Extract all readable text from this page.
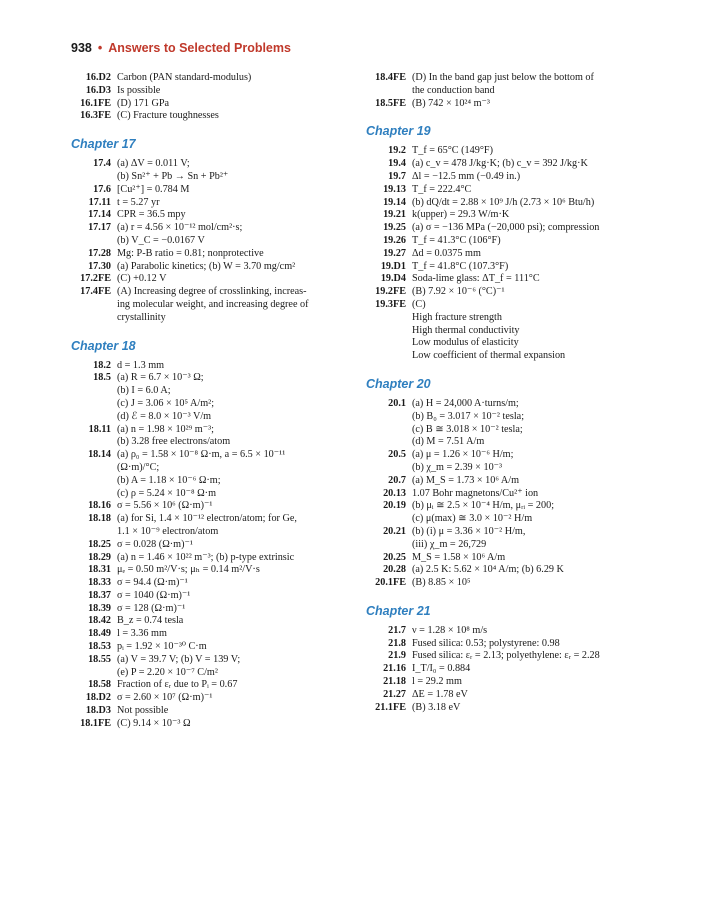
938 • Answers to Selected Problems
16.D2 Carbon (PAN standard-modulus)
16.D3 Is possible
16.1FE (D) 171 GPa
16.3FE (C) Fracture toughnesses
Chapter 17
17.4 (a) ΔV = 0.011 V;
(b) Sn²⁺ + Pb → Sn + Pb²⁺
17.6 [Cu²⁺] = 0.784 M
17.11 t = 5.27 yr
17.14 CPR = 36.5 mpy
17.17 (a) r = 4.56 × 10⁻¹² mol/cm²·s;
(b) V_C = −0.0167 V
17.28 Mg: P-B ratio = 0.81; nonprotective
17.30 (a) Parabolic kinetics; (b) W = 3.70 mg/cm²
17.2FE (C) +0.12 V
17.4FE (A) Increasing degree of crosslinking, increas-
ing molecular weight, and increasing degree of
crystallinity
Chapter 18
18.2 d = 1.3 mm
18.5 (a) R = 6.7 × 10⁻³ Ω;
(b) I = 6.0 A;
(c) J = 3.06 × 10⁵ A/m²;
(d) ℰ = 8.0 × 10⁻³ V/m
18.11 (a) n = 1.98 × 10²⁹ m⁻³;
(b) 3.28 free electrons/atom
18.14 (a) ρ₀ = 1.58 × 10⁻⁸ Ω·m, a = 6.5 × 10⁻¹¹
(Ω·m)/°C;
(b) A = 1.18 × 10⁻⁶ Ω·m;
(c) ρ = 5.24 × 10⁻⁸ Ω·m
18.16 σ = 5.56 × 10⁶ (Ω·m)⁻¹
18.18 (a) for Si, 1.4 × 10⁻¹² electron/atom; for Ge,
1.1 × 10⁻⁹ electron/atom
18.25 σ = 0.028 (Ω·m)⁻¹
18.29 (a) n = 1.46 × 10²² m⁻³; (b) p-type extrinsic
18.31 μₑ = 0.50 m²/V·s; μₕ = 0.14 m²/V·s
18.33 σ = 94.4 (Ω·m)⁻¹
18.37 σ = 1040 (Ω·m)⁻¹
18.39 σ = 128 (Ω·m)⁻¹
18.42 B_z = 0.74 tesla
18.49 l = 3.36 mm
18.53 pᵢ = 1.92 × 10⁻³⁰ C·m
18.55 (a) V = 39.7 V; (b) V = 139 V;
(e) P = 2.20 × 10⁻⁷ C/m²
18.58 Fraction of εᵣ due to Pᵢ = 0.67
18.D2 σ = 2.60 × 10⁷ (Ω·m)⁻¹
18.D3 Not possible
18.1FE (C) 9.14 × 10⁻³ Ω
18.4FE (D) In the band gap just below the bottom of
the conduction band
18.5FE (B) 742 × 10²⁴ m⁻³
Chapter 19
19.2 T_f = 65°C (149°F)
19.4 (a) c_v = 478 J/kg·K; (b) c_v = 392 J/kg·K
19.7 Δl = −12.5 mm (−0.49 in.)
19.13 T_f = 222.4°C
19.14 (b) dQ/dt = 2.88 × 10⁹ J/h (2.73 × 10⁶ Btu/h)
19.21 k(upper) = 29.3 W/m·K
19.25 (a) σ = −136 MPa (−20,000 psi); compression
19.26 T_f = 41.3°C (106°F)
19.27 Δd = 0.0375 mm
19.D1 T_f = 41.8°C (107.3°F)
19.D4 Soda-lime glass: ΔT_f = 111°C
19.2FE (B) 7.92 × 10⁻⁶ (°C)⁻¹
19.3FE (C)
High fracture strength
High thermal conductivity
Low modulus of elasticity
Low coefficient of thermal expansion
Chapter 20
20.1 (a) H = 24,000 A·turns/m;
(b) B₀ = 3.017 × 10⁻² tesla;
(c) B ≅ 3.018 × 10⁻² tesla;
(d) M = 7.51 A/m
20.5 (a) μ = 1.26 × 10⁻⁶ H/m;
(b) χ_m = 2.39 × 10⁻³
20.7 (a) M_S = 1.73 × 10⁶ A/m
20.13 1.07 Bohr magnetons/Cu²⁺ ion
20.19 (b) μᵢ ≅ 2.5 × 10⁻⁴ H/m, μᵣᵢ = 200;
(c) μ(max) ≅ 3.0 × 10⁻² H/m
20.21 (b) (i) μ = 3.36 × 10⁻² H/m,
(iii) χ_m = 26,729
20.25 M_S = 1.58 × 10⁶ A/m
20.28 (a) 2.5 K: 5.62 × 10⁴ A/m; (b) 6.29 K
20.1FE (B) 8.85 × 10⁵
Chapter 21
21.7 ν = 1.28 × 10⁸ m/s
21.8 Fused silica: 0.53; polystyrene: 0.98
21.9 Fused silica: εᵣ = 2.13; polyethylene: εᵣ = 2.28
21.16 I_T/I₀ = 0.884
21.18 l = 29.2 mm
21.27 ΔE = 1.78 eV
21.1FE (B) 3.18 eV
